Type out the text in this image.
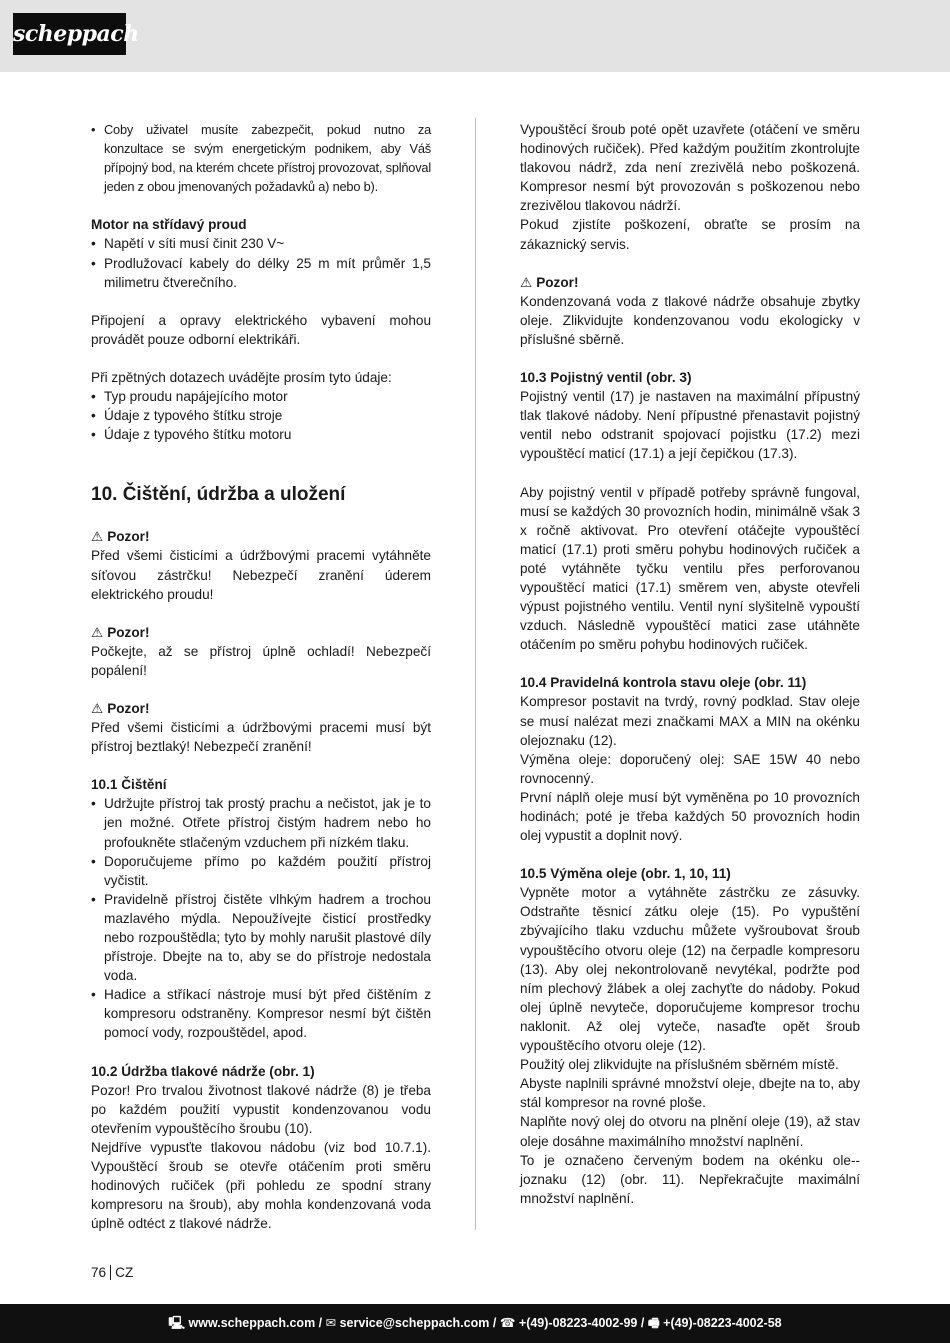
scheppach
• Coby uživatel musíte zabezpečit, pokud nutno za konzultace se svým energetickým podnikem, aby Váš přípojný bod, na kterém chcete přístroj provozovat, splňoval jeden z obou jmenovaných požadavků a) nebo b).

Motor na střídavý proud

• Napětí v síti musí činit 230 V~
• Prodlužovací kabely do délky 25 m mít průměr 1,5 milimetru čtverečního.

Připojení a opravy elektrického vybavení mohou provádět pouze odborní elektrikáři.

Při zpětných dotazech uvádějte prosím tyto údaje:

• Typ proudu napájejícího motor
• Údaje z typového štítku stroje
• Údaje z typového štítku motoru

10. Čištění, údržba a uložení

⚠ Pozor!

Před všemi čisticími a údržbovými pracemi vytáhněte síťovou zástrčku! Nebezpečí zranění úderem elektrického proudu!

⚠ Pozor!

Počkejte, až se přístroj úplně ochladí! Nebezpečí popálení!

⚠ Pozor!

Před všemi čisticími a údržbovými pracemi musí být přístroj beztlaký! Nebezpečí zranění!

10.1 Čištění

• Udržujte přístroj tak prostý prachu a nečistot, jak je to jen možné. Otřete přístroj čistým hadrem nebo ho profoukněte stlačeným vzduchem při nízkém tlaku.
• Doporučujeme přímo po každém použití přístroj vyčistit.
• Pravidelně přístroj čistěte vlhkým hadrem a trochou mazlavého mýdla. Nepoužívejte čisticí prostředky nebo rozpouštědla; tyto by mohly narušit plastové díly přístroje. Dbejte na to, aby se do přístroje nedostala voda.
• Hadice a stříkací nástroje musí být před čištěním z kompresoru odstraněny. Kompresor nesmí být čištěn pomocí vody, rozpouštědel, apod.

10.2 Údržba tlakové nádrže (obr. 1)

Pozor! Pro trvalou životnost tlakové nádrže (8) je třeba po každém použití vypustit kondenzovanou vodu otevřením vypouštěcího šroubu (10).

Nejdříve vypusťte tlakovou nádobu (viz bod 10.7.1). Vypouštěcí šroub se otevře otáčením proti směru hodinových ručiček (při pohledu ze spodní strany kompresoru na šroub), aby mohla kondenzovaná voda úplně odtéct z tlakové nádrže.

Vypouštěcí šroub poté opět uzavřete (otáčení ve směru hodinových ručiček). Před každým použitím zkontrolujte tlakovou nádrž, zda není zrezivělá nebo poškozená. Kompresor nesmí být provozován s poškozenou nebo zrezivělou tlakovou nádrží.

Pokud zjistíte poškození, obraťte se prosím na zákaznický servis.

⚠ Pozor!

Kondenzovaná voda z tlakové nádrže obsahuje zbytky oleje. Zlikvidujte kondenzovanou vodu ekologicky v příslušné sběrně.

10.3 Pojistný ventil (obr. 3)

Pojistný ventil (17) je nastaven na maximální přípustný tlak tlakové nádoby. Není přípustné přenastavit pojistný ventil nebo odstranit spojovací pojistku (17.2) mezi vypouštěcí maticí (17.1) a její čepičkou (17.3).

Aby pojistný ventil v případě potřeby správně fungoval, musí se každých 30 provozních hodin, minimálně však 3 x ročně aktivovat. Pro otevření otáčejte vypouštěcí maticí (17.1) proti směru pohybu hodinových ručiček a poté vytáhněte tyčku ventilu přes perforovanou vypouštěcí matici (17.1) směrem ven, abyste otevřeli výpust pojistného ventilu. Ventil nyní slyšitelně vypouští vzduch. Následně vypouštěcí matici zase utáhněte otáčením po směru pohybu hodinových ručiček.

10.4 Pravidelná kontrola stavu oleje (obr. 11)

Kompresor postavit na tvrdý, rovný podklad. Stav oleje se musí nalézat mezi značkami MAX a MIN na okénku olejoznaku (12).

Výměna oleje: doporučený olej: SAE 15W 40 nebo rovnocenný.

První náplň oleje musí být vyměněna po 10 provozních hodinách; poté je třeba každých 50 provozních hodin olej vypustit a doplnit nový.

10.5 Výměna oleje (obr. 1, 10, 11)

Vypněte motor a vytáhněte zástrčku ze zásuvky. Odstraňte těsnicí zátku oleje (15). Po vypuštění zbývajícího tlaku vzduchu můžete vyšroubovat šroub vypouštěcího otvoru oleje (12) na čerpadle kompresoru (13). Aby olej nekontrolovaně nevytékal, podržte pod ním plechový žlábek a olej zachyťte do nádoby. Pokud olej úplně nevyteče, doporučujeme kompresor trochu naklonit. Až olej vyteče, nasaďte opět šroub vypouštěcího otvoru oleje (12).

Použitý olej zlikvidujte na příslušném sběrném místě.

Abyste naplnili správné množství oleje, dbejte na to, aby stál kompresor na rovné ploše.

Naplňte nový olej do otvoru na plnění oleje (19), až stav oleje dosáhne maximálního množství naplnění.

To je označeno červeným bodem na okénku ole--joznaku (12) (obr. 11). Nepřekračujte maximální množství naplnění.

76 CZ
🖳 www.scheppach.com / ✉ service@scheppach.com / ☎ +(49)-08223-4002-99 / 🖷 +(49)-08223-4002-58
